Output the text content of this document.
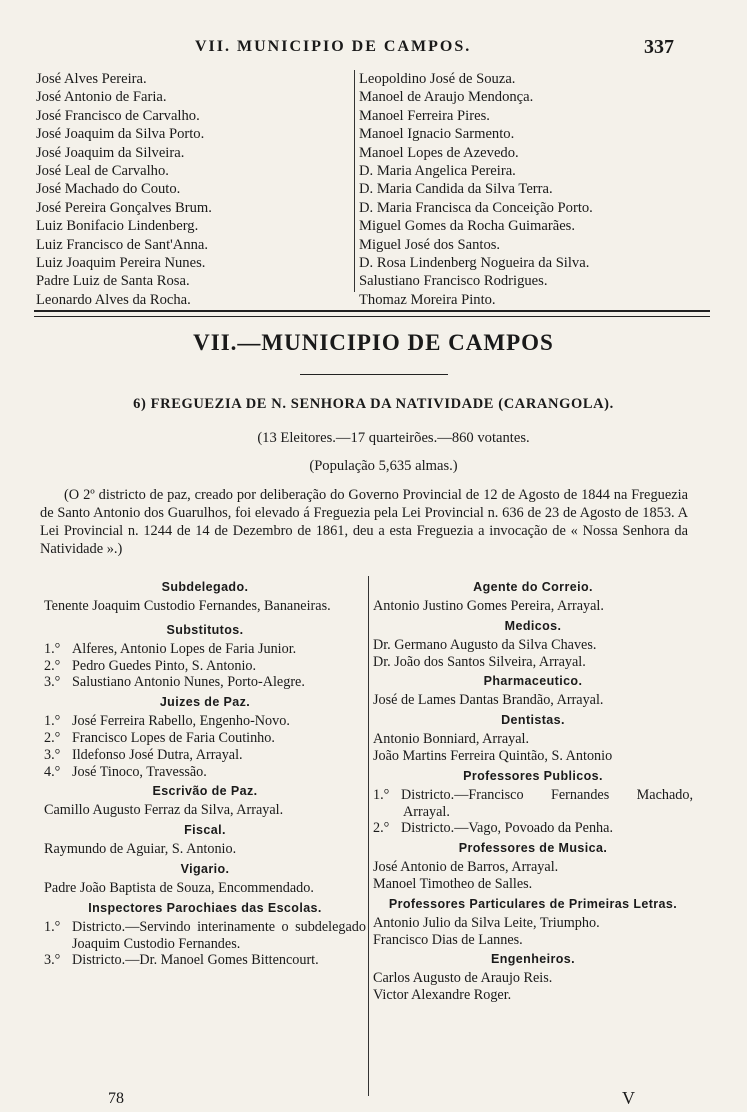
VII. MUNICIPIO DE CAMPOS.	337
José Alves Pereira.
José Antonio de Faria.
José Francisco de Carvalho.
José Joaquim da Silva Porto.
José Joaquim da Silveira.
José Leal de Carvalho.
José Machado do Couto.
José Pereira Gonçalves Brum.
Luiz Bonifacio Lindenberg.
Luiz Francisco de Sant'Anna.
Luiz Joaquim Pereira Nunes.
Padre Luiz de Santa Rosa.
Leonardo Alves da Rocha.
Leopoldino José de Souza.
Manoel de Araujo Mendonça.
Manoel Ferreira Pires.
Manoel Ignacio Sarmento.
Manoel Lopes de Azevedo.
D. Maria Angelica Pereira.
D. Maria Candida da Silva Terra.
D. Maria Francisca da Conceição Porto.
Miguel Gomes da Rocha Guimarães.
Miguel José dos Santos.
D. Rosa Lindenberg Nogueira da Silva.
Salustiano Francisco Rodrigues.
Thomaz Moreira Pinto.
VII.—MUNICIPIO DE CAMPOS
6) FREGUEZIA DE N. SENHORA DA NATIVIDADE (CARANGOLA).
(13 Eleitores.—17 quarteirões.—860 votantes.
(População 5,635 almas.)
(O 2º districto de paz, creado por deliberação do Governo Provincial de 12 de Agosto de 1844 na Freguezia de Santo Antonio dos Guarulhos, foi elevado á Freguezia pela Lei Provincial n. 636 de 23 de Agosto de 1853. A Lei Provincial n. 1244 de 14 de Dezembro de 1861, deu a esta Freguezia a invocação de « Nossa Senhora da Natividade ».)
Subdelegado.
Tenente Joaquim Custodio Fernandes, Bananeiras.
Substitutos.
1.° Alferes, Antonio Lopes de Faria Junior.
2.° Pedro Guedes Pinto, S. Antonio.
3.° Salustiano Antonio Nunes, Porto-Alegre.
Juizes de Paz.
1.° José Ferreira Rabello, Engenho-Novo.
2.° Francisco Lopes de Faria Coutinho.
3.° Ildefonso José Dutra, Arrayal.
4.° José Tinoco, Travessão.
Escrivão de Paz.
Camillo Augusto Ferraz da Silva, Arrayal.
Fiscal.
Raymundo de Aguiar, S. Antonio.
Vigario.
Padre João Baptista de Souza, Encommendado.
Inspectores Parochiaes das Escolas.
1.° Districto.—Servindo interinamente o subdelegado Joaquim Custodio Fernandes.
3.° Districto.—Dr. Manoel Gomes Bittencourt.
Agente do Correio.
Antonio Justino Gomes Pereira, Arrayal.
Medicos.
Dr. Germano Augusto da Silva Chaves.
Dr. João dos Santos Silveira, Arrayal.
Pharmaceutico.
José de Lames Dantas Brandão, Arrayal.
Dentistas.
Antonio Bonniard, Arrayal.
João Martins Ferreira Quintão, S. Antonio
Professores Publicos.
1.° Districto.—Francisco Fernandes Machado, Arrayal.
2.° Districto.—Vago, Povoado da Penha.
Professores de Musica.
José Antonio de Barros, Arrayal.
Manoel Timotheo de Salles.
Professores Particulares de Primeiras Letras.
Antonio Julio da Silva Leite, Triumpho.
Francisco Dias de Lannes.
Engenheiros.
Carlos Augusto de Araujo Reis.
Victor Alexandre Roger.
78	V
